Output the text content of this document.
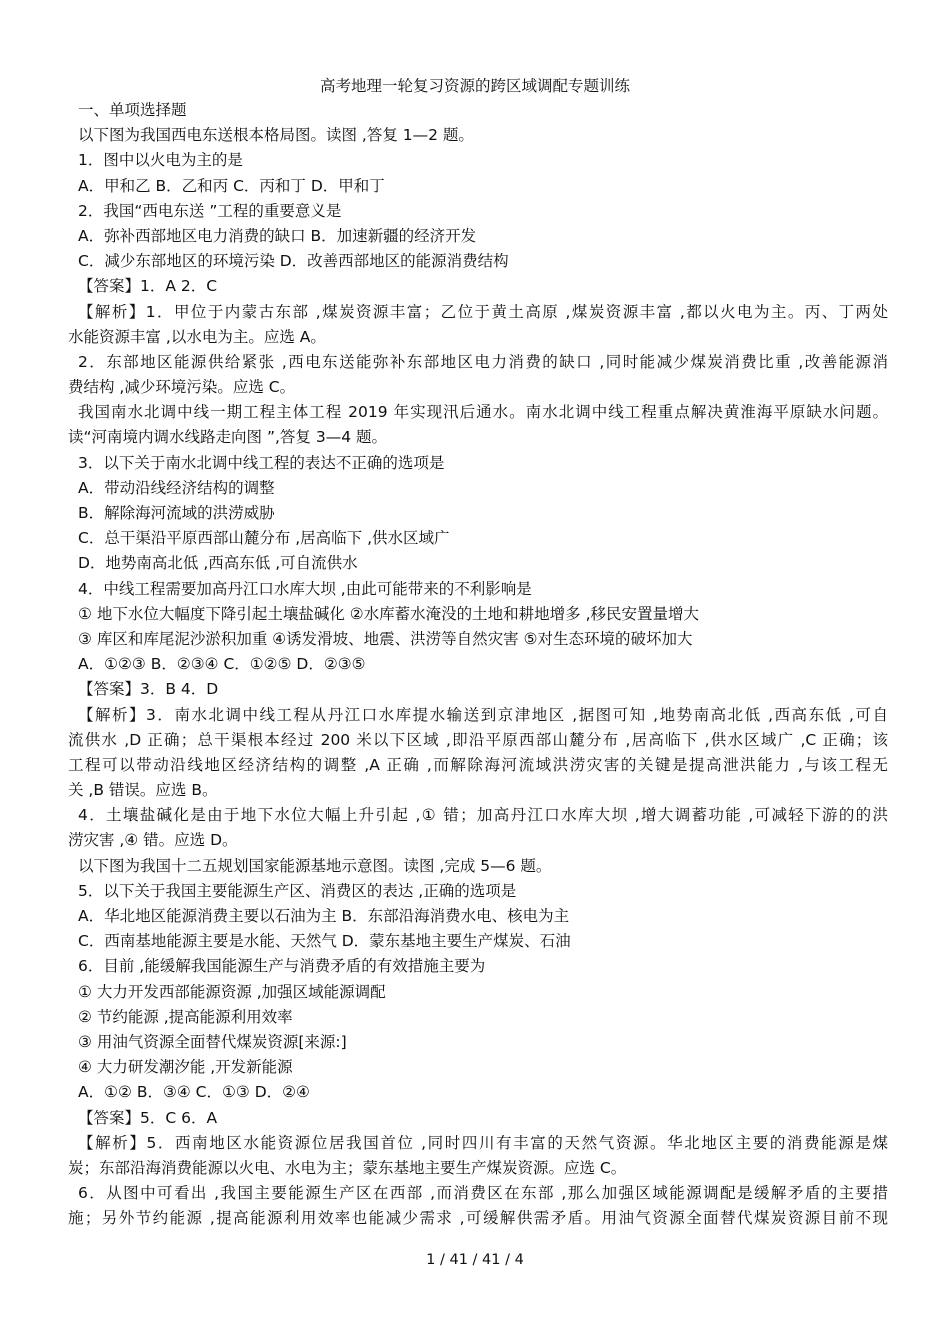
高考地理一轮复习资源的跨区域调配专题训练
一、单项选择题
以下图为我国西电东送根本格局图。读图 ,答复 1—2 题。
1．图中以火电为主的是
A．甲和乙 B．乙和丙 C．丙和丁 D．甲和丁
2．我国“西电东送 ”工程的重要意义是
A．弥补西部地区电力消费的缺口 B．加速新疆的经济开发
C．减少东部地区的环境污染 D．改善西部地区的能源消费结构
【答案】1．A 2．C
【解析】1．甲位于内蒙古东部 ,煤炭资源丰富；乙位于黄土高原 ,煤炭资源丰富 ,都以火电为主。丙、丁两处
水能资源丰富 ,以水电为主。应选 A。
2．东部地区能源供给紧张 ,西电东送能弥补东部地区电力消费的缺口 ,同时能减少煤炭消费比重 ,改善能源消
费结构 ,减少环境污染。应选 C。
我国南水北调中线一期工程主体工程 2019 年实现汛后通水。南水北调中线工程重点解决黄淮海平原缺水问题。
读“河南境内调水线路走向图 ”,答复 3—4 题。
3．以下关于南水北调中线工程的表达不正确的选项是
A．带动沿线经济结构的调整
B．解除海河流域的洪涝威胁
C．总干渠沿平原西部山麓分布 ,居高临下 ,供水区域广
D．地势南高北低 ,西高东低 ,可自流供水
4．中线工程需要加高丹江口水库大坝 ,由此可能带来的不利影响是
① 地下水位大幅度下降引起土壤盐碱化 ②水库蓄水淹没的土地和耕地增多 ,移民安置量增大
③ 库区和库尾泥沙淤积加重 ④诱发滑坡、地震、洪涝等自然灾害 ⑤对生态环境的破坏加大
A．①②③ B．②③④ C．①②⑤ D．②③⑤
【答案】3．B 4．D
【解析】3．南水北调中线工程从丹江口水库提水输送到京津地区 ,据图可知 ,地势南高北低 ,西高东低 ,可自
流供水 ,D 正确；总干渠根本经过 200 米以下区域 ,即沿平原西部山麓分布 ,居高临下 ,供水区域广 ,C 正确；该
工程可以带动沿线地区经济结构的调整 ,A 正确 ,而解除海河流域洪涝灾害的关键是提高泄洪能力 ,与该工程无
关 ,B 错误。应选 B。
4．土壤盐碱化是由于地下水位大幅上升引起 ,① 错；加高丹江口水库大坝 ,增大调蓄功能 ,可减轻下游的的洪
涝灾害 ,④ 错。应选 D。
以下图为我国十二五规划国家能源基地示意图。读图 ,完成 5—6 题。
5．以下关于我国主要能源生产区、消费区的表达 ,正确的选项是
A．华北地区能源消费主要以石油为主 B．东部沿海消费水电、核电为主
C．西南基地能源主要是水能、天然气 D．蒙东基地主要生产煤炭、石油
6．目前 ,能缓解我国能源生产与消费矛盾的有效措施主要为
① 大力开发西部能源资源 ,加强区域能源调配
② 节约能源 ,提高能源利用效率
③ 用油气资源全面替代煤炭资源[来源:]
④ 大力研发潮汐能 ,开发新能源
A．①② B．③④ C．①③ D．②④
【答案】5．C 6．A
【解析】5．西南地区水能资源位居我国首位 ,同时四川有丰富的天然气资源。华北地区主要的消费能源是煤
炭；东部沿海消费能源以火电、水电为主；蒙东基地主要生产煤炭资源。应选 C。
6．从图中可看出 ,我国主要能源生产区在西部 ,而消费区在东部 ,那么加强区域能源调配是缓解矛盾的主要措
施；另外节约能源 ,提高能源利用效率也能减少需求 ,可缓解供需矛盾。用油气资源全面替代煤炭资源目前不现
1 / 41 / 41 / 4
